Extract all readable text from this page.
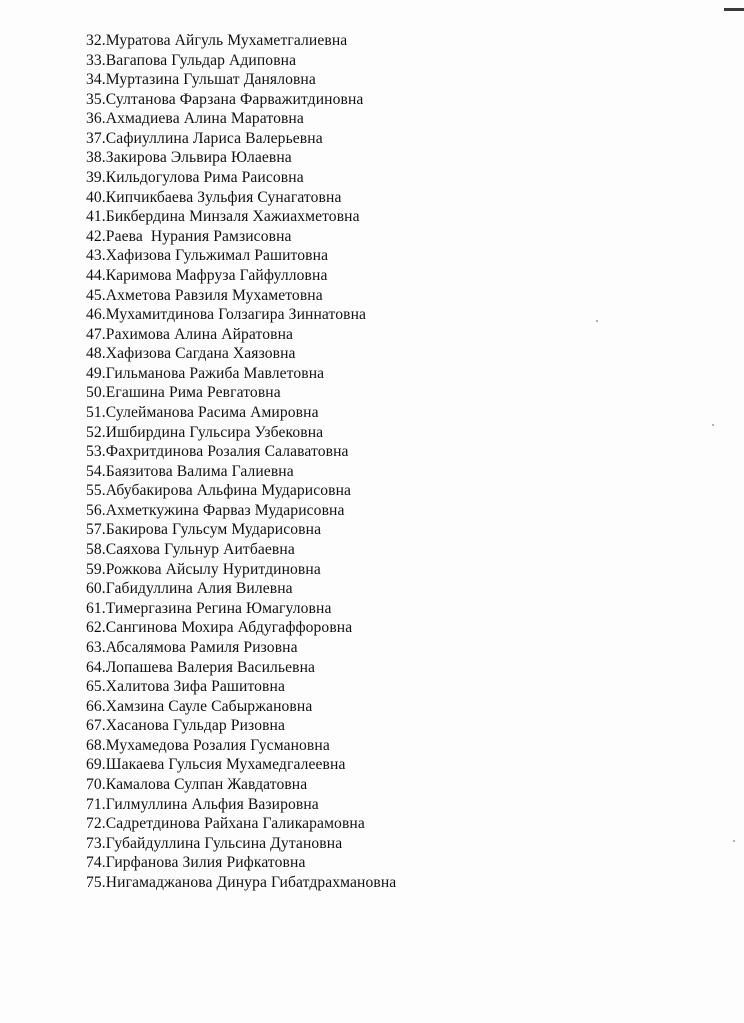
32.Муратова Айгуль Мухаметгалиевна
33.Вагапова Гульдар Адиповна
34.Муртазина Гульшат Даняловна
35.Султанова Фарзана Фарважитдиновна
36.Ахмадиева Алина Маратовна
37.Сафиуллина Лариса Валерьевна
38.Закирова Эльвира Юлаевна
39.Кильдогулова Рима Раисовна
40.Кипчикбаева Зульфия Сунагатовна
41.Бикбердина Минзаля Хажиахметовна
42.Раева  Нурания Рамзисовна
43.Хафизова Гульжимал Рашитовна
44.Каримова Мафруза Гайфулловна
45.Ахметова Равзиля Мухаметовна
46.Мухамитдинова Голзагира Зиннатовна
47.Рахимова Алина Айратовна
48.Хафизова Сагдана Хаязовна
49.Гильманова Ражиба Мавлетовна
50.Егашина Рима Ревгатовна
51.Сулейманова Расима Амировна
52.Ишбирдина Гульсира Узбековна
53.Фахритдинова Розалия Салаватовна
54.Баязитова Валима Галиевна
55.Абубакирова Альфина Мударисовна
56.Ахметкужина Фарваз Мударисовна
57.Бакирова Гульсум Мударисовна
58.Саяхова Гульнур Аитбаевна
59.Рожкова Айсылу Нуритдиновна
60.Габидуллина Алия Вилевна
61.Тимергазина Регина Юмагуловна
62.Сангинова Мохира Абдугаффоровна
63.Абсалямова Рамиля Ризовна
64.Лопашева Валерия Васильевна
65.Халитова Зифа Рашитовна
66.Хамзина Сауле Сабыржановна
67.Хасанова Гульдар Ризовна
68.Мухамедова Розалия Гусмановна
69.Шакаева Гульсия Мухамедгалеевна
70.Камалова Сулпан Жавдатовна
71.Гилмуллина Альфия Вазировна
72.Садретдинова Райхана Галикарамовна
73.Губайдуллина Гульсина Дутановна
74.Гирфанова Зилия Рифкатовна
75.Нигамаджанова Динура Гибатдрахмановна
